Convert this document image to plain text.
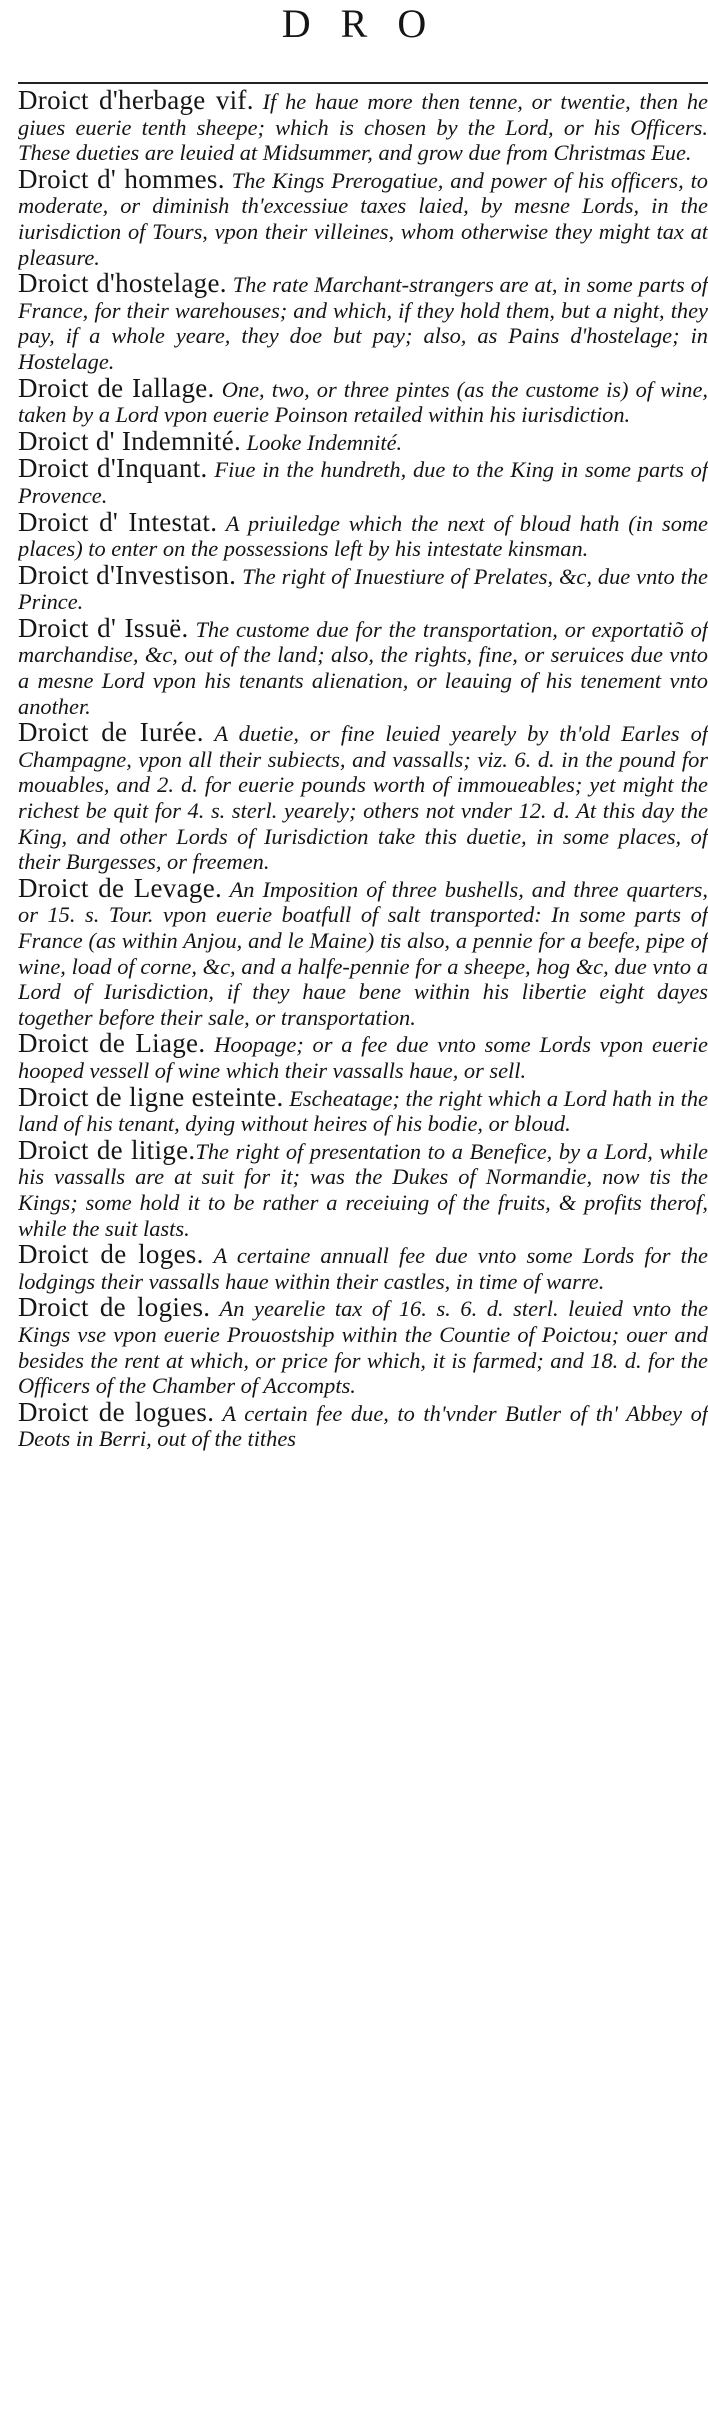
DRO

Droict d'herbage vif. If he haue more then tenne, or twentie, then he giues euerie tenth sheepe; which is chosen by the Lord, or his Officers. These dueties are leuied at Midsummer, and grow due from Christmas Eue.

Droict d' hommes. The Kings Prerogatiue, and power of his officers, to moderate, or diminish th'excessiue taxes laied, by mesne Lords, in the iurisdiction of Tours, vpon their villeines, whom otherwise they might tax at pleasure.

Droict d'hostelage. The rate Marchant-strangers are at, in some parts of France, for their warehouses; and which, if they hold them, but a night, they pay, if a whole yeare, they doe but pay; also, as Pains d'hostelage; in Hostelage.

Droict de Iallage. One, two, or three pintes (as the custome is) of wine, taken by a Lord vpon euerie Poinson retailed within his iurisdiction.

Droict d' Indemnité. Looke Indemnité.

Droict d'Inquant. Fiue in the hundreth, due to the King in some parts of Provence.

Droict d' Intestat. A priuiledge which the next of bloud hath (in some places) to enter on the possessions left by his intestate kinsman.

Droict d'Investison. The right of Inuestiure of Prelates, &c, due vnto the Prince.

Droict d' Issuë. The custome due for the transportation, or exportatiõ of marchandise, &c, out of the land; also, the rights, fine, or seruices due vnto a mesne Lord vpon his tenants alienation, or leauing of his tenement vnto another.

Droict de Iurée. A duetie, or fine leuied yearely by th'old Earles of Champagne, vpon all their subiects, and vassalls; viz. 6. d. in the pound for mouables, and 2. d. for euerie pounds worth of immoueables; yet might the richest be quit for 4. s. sterl. yearely; others not vnder 12. d. At this day the King, and other Lords of Iurisdiction take this duetie, in some places, of their Burgesses, or freemen.

Droict de Levage. An Imposition of three bushells, and three quarters, or 15. s. Tour. vpon euerie boatfull of salt transported: In some parts of France (as within Anjou, and le Maine) tis also, a pennie for a beefe, pipe of wine, load of corne, &c, and a halfe-pennie for a sheepe, hog &c, due vnto a Lord of Iurisdiction, if they haue bene within his libertie eight dayes together before their sale, or transportation.

Droict de Liage. Hoopage; or a fee due vnto some Lords vpon euerie hooped vessell of wine which their vassalls haue, or sell.

Droict de ligne esteinte. Escheatage; the right which a Lord hath in the land of his tenant, dying without heires of his bodie, or bloud.

Droict de litige.The right of presentation to a Benefice, by a Lord, while his vassalls are at suit for it; was the Dukes of Normandie, now tis the Kings; some hold it to be rather a receiuing of the fruits, & profits therof, while the suit lasts.

Droict de loges. A certaine annuall fee due vnto some Lords for the lodgings their vassalls haue within their castles, in time of warre.

Droict de logies. An yearelie tax of 16. s. 6. d. sterl. leuied vnto the Kings vse vpon euerie Prouostship within the Countie of Poictou; ouer and besides the rent at which, or price for which, it is farmed; and 18. d. for the Officers of the Chamber of Accompts.

Droict de logues. A certain fee due, to th'vnder Butler of th' Abbey of Deots in Berri, out of the tithes
